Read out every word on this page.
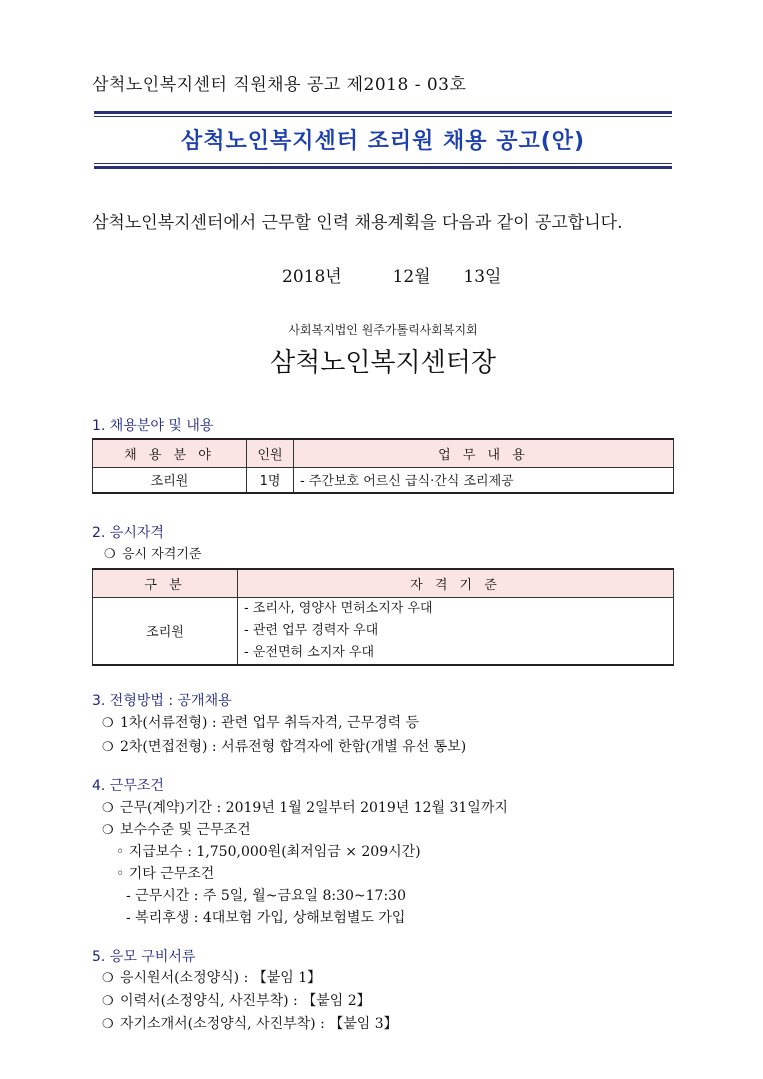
삼척노인복지센터 직원채용 공고 제2018 - 03호
삼척노인복지센터 조리원 채용 공고(안)
삼척노인복지센터에서 근무할 인력 채용계획을 다음과 같이 공고합니다.
2018년	12월 13일
사회복지법인 원주가톨릭사회복지회
삼척노인복지센터장
1. 채용분야 및 내용
채 용 분 야	인원	업 무 내 용
조리원	1명	- 주간보호 어르신 급식·간식 조리제공
2. 응시자격
❍ 응시 자격기준
구 분	자 격 기 준
조리원	- 조리사, 영양사 면허소지자 우대
- 관련 업무 경력자 우대
- 운전면허 소지자 우대
3. 전형방법 : 공개채용
❍ 1차(서류전형) : 관련 업무 취득자격, 근무경력 등
❍ 2차(면접전형) : 서류전형 합격자에 한함(개별 유선 통보)
4. 근무조건
❍ 근무(계약)기간 : 2019년 1월 2일부터 2019년 12월 31일까지
❍ 보수수준 및 근무조건
◦ 지급보수 : 1,750,000원(최저임금 × 209시간)
◦ 기타 근무조건
- 근무시간 : 주 5일, 월~금요일 8:30~17:30
- 복리후생 : 4대보험 가입, 상해보험별도 가입
5. 응모 구비서류
❍ 응시원서(소정양식) : 【붙임 1】
❍ 이력서(소정양식, 사진부착) : 【붙임 2】
❍ 자기소개서(소정양식, 사진부착) : 【붙임 3】
